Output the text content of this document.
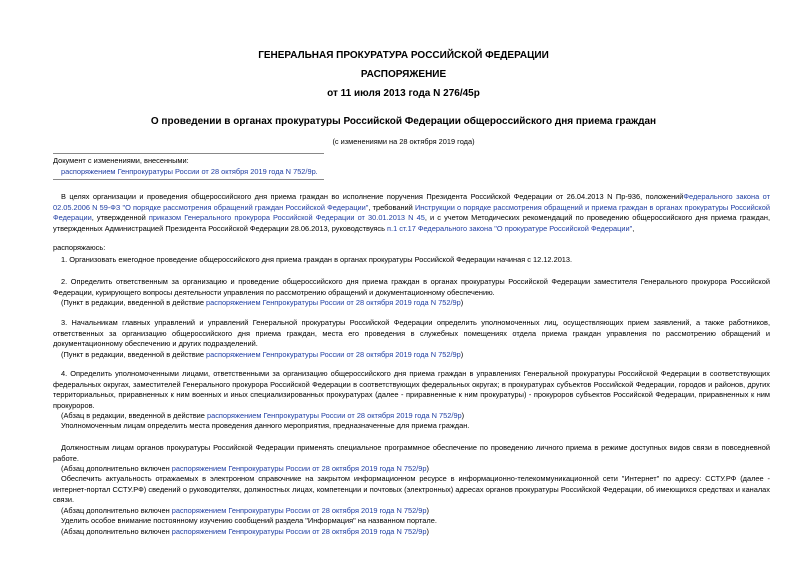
ГЕНЕРАЛЬНАЯ ПРОКУРАТУРА РОССИЙСКОЙ ФЕДЕРАЦИИ
РАСПОРЯЖЕНИЕ
от 11 июля 2013 года N 276/45р
О проведении в органах прокуратуры Российской Федерации общероссийского дня приема граждан
(с изменениями на 28 октября 2019 года)

Документ с изменениями, внесенными:

распоряжением Генпрокуратуры России от 28 октября 2019 года N 752/9р.

В целях организации и проведения общероссийского дня приема граждан во исполнение поручения Президента Российской Федерации от 26.04.2013 N Пр-936, положенийФедерального закона от 02.05.2006 N 59-ФЗ "О порядке рассмотрения обращений граждан Российской Федерации", требований Инструкции о порядке рассмотрения обращений и приема граждан в органах прокуратуры Российской Федерации, утвержденной приказом Генерального прокурора Российской Федерации от 30.01.2013 N 45, и с учетом Методических рекомендаций по проведению общероссийского дня приема граждан, утвержденных Администрацией Президента Российской Федерации 28.06.2013, руководствуясь п.1 ст.17 Федерального закона "О прокуратуре Российской Федерации",

распоряжаюсь:

1. Организовать ежегодное проведение общероссийского дня приема граждан в органах прокуратуры Российской Федерации начиная с 12.12.2013.

2. Определить ответственным за организацию и проведение общероссийского дня приема граждан в органах прокуратуры Российской Федерации заместителя Генерального прокурора Российской Федерации, курирующего вопросы деятельности управления по рассмотрению обращений и документационному обеспечению.

(Пункт в редакции, введенной в действие распоряжением Генпрокуратуры России от 28 октября 2019 года N 752/9р)

3. Начальникам главных управлений и управлений Генеральной прокуратуры Российской Федерации определить уполномоченных лиц, осуществляющих прием заявлений, а также работников, ответственных за организацию общероссийского дня приема граждан, места его проведения в служебных помещениях отдела приема граждан управления по рассмотрению обращений и документационному обеспечению и других подразделений.

(Пункт в редакции, введенной в действие распоряжением Генпрокуратуры России от 28 октября 2019 года N 752/9р)

4. Определить уполномоченными лицами, ответственными за организацию общероссийского дня приема граждан в управлениях Генеральной прокуратуры Российской Федерации в соответствующих федеральных округах, заместителей Генерального прокурора Российской Федерации в соответствующих федеральных округах; в прокуратурах субъектов Российской Федерации, городов и районов, других территориальных, приравненных к ним военных и иных специализированных прокуратурах (далее - приравненные к ним прокуратуры) - прокуроров субъектов Российской Федерации, приравненных к ним прокуроров.

(Абзац в редакции, введенной в действие распоряжением Генпрокуратуры России от 28 октября 2019 года N 752/9р)

Уполномоченным лицам определить места проведения данного мероприятия, предназначенные для приема граждан.

Должностным лицам органов прокуратуры Российской Федерации применять специальное программное обеспечение по проведению личного приема в режиме доступных видов связи в повседневной работе.

(Абзац дополнительно включен распоряжением Генпрокуратуры России от 28 октября 2019 года N 752/9р)

Обеспечить актуальность отражаемых в электронном справочнике на закрытом информационном ресурсе в информационно-телекоммуникационной сети "Интернет" по адресу: ССТУ.РФ (далее - интернет-портал ССТУ.РФ) сведений о руководителях, должностных лицах, компетенции и почтовых (электронных) адресах органов прокуратуры Российской Федерации, об имеющихся средствах и каналах связи.

(Абзац дополнительно включен распоряжением Генпрокуратуры России от 28 октября 2019 года N 752/9р)

Уделить особое внимание постоянному изучению сообщений раздела "Информация" на названном портале.

(Абзац дополнительно включен распоряжением Генпрокуратуры России от 28 октября 2019 года N 752/9р)
